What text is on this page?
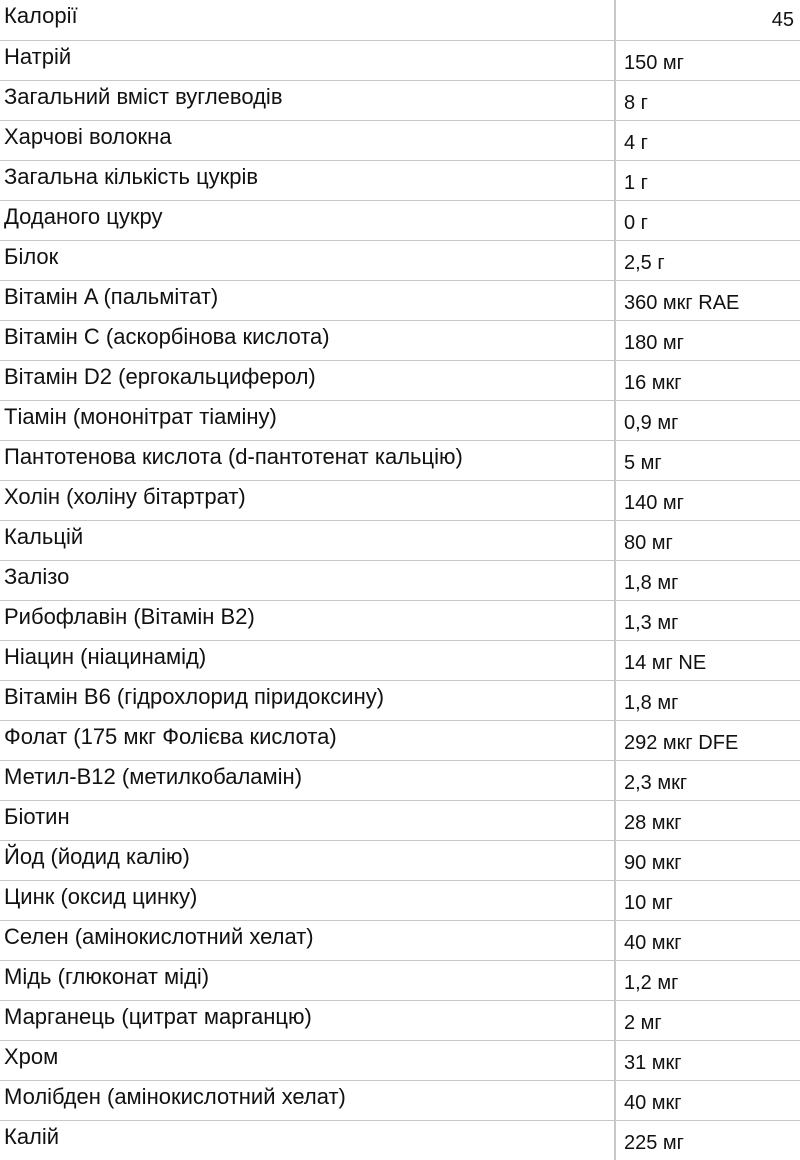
Калорії	45
Натрій	150 мг
Загальний вміст вуглеводів	8 г
Харчові волокна	4 г
Загальна кількість цукрів	1 г
Доданого цукру	0 г
Білок	2,5 г
Вітамін A (пальмітат)	360 мкг RAE
Вітамін C (аскорбінова кислота)	180 мг
Вітамін D2 (ергокальциферол)	16 мкг
Тіамін (мононітрат тіаміну)	0,9 мг
Пантотенова кислота (d-пантотенат кальцію)	5 мг
Холін (холіну бітартрат)	140 мг
Кальцій	80 мг
Залізо	1,8 мг
Рибофлавін (Вітамін B2)	1,3 мг
Ніацин (ніацинамід)	14 мг NE
Вітамін B6 (гідрохлорид піридоксину)	1,8 мг
Фолат (175 мкг Фолієва кислота)	292 мкг DFE
Метил-B12 (метилкобаламін)	2,3 мкг
Біотин	28 мкг
Йод (йодид калію)	90 мкг
Цинк (оксид цинку)	10 мг
Селен (амінокислотний хелат)	40 мкг
Мідь (глюконат міді)	1,2 мг
Марганець (цитрат марганцю)	2 мг
Хром	31 мкг
Молібден (амінокислотний хелат)	40 мкг
Калій	225 мг
